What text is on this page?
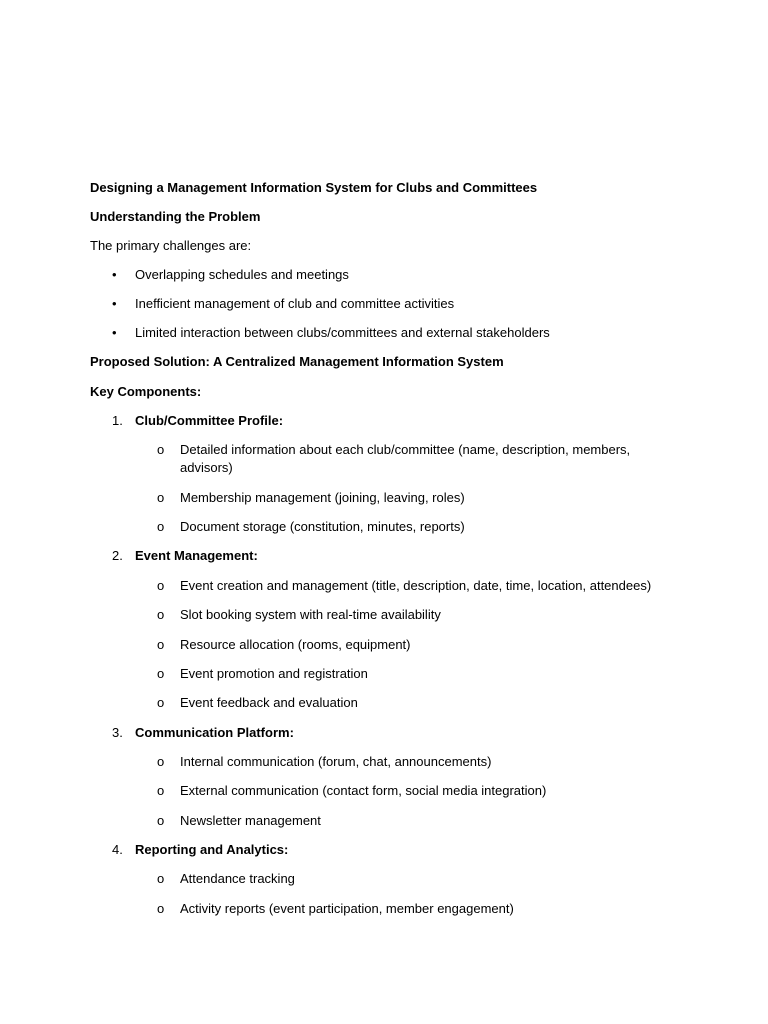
Designing a Management Information System for Clubs and Committees
Understanding the Problem
The primary challenges are:
• Overlapping schedules and meetings
• Inefficient management of club and committee activities
• Limited interaction between clubs/committees and external stakeholders
Proposed Solution: A Centralized Management Information System
Key Components:
1. Club/Committee Profile:
o Detailed information about each club/committee (name, description, members, advisors)
o Membership management (joining, leaving, roles)
o Document storage (constitution, minutes, reports)
2. Event Management:
o Event creation and management (title, description, date, time, location, attendees)
o Slot booking system with real-time availability
o Resource allocation (rooms, equipment)
o Event promotion and registration
o Event feedback and evaluation
3. Communication Platform:
o Internal communication (forum, chat, announcements)
o External communication (contact form, social media integration)
o Newsletter management
4. Reporting and Analytics:
o Attendance tracking
o Activity reports (event participation, member engagement)
